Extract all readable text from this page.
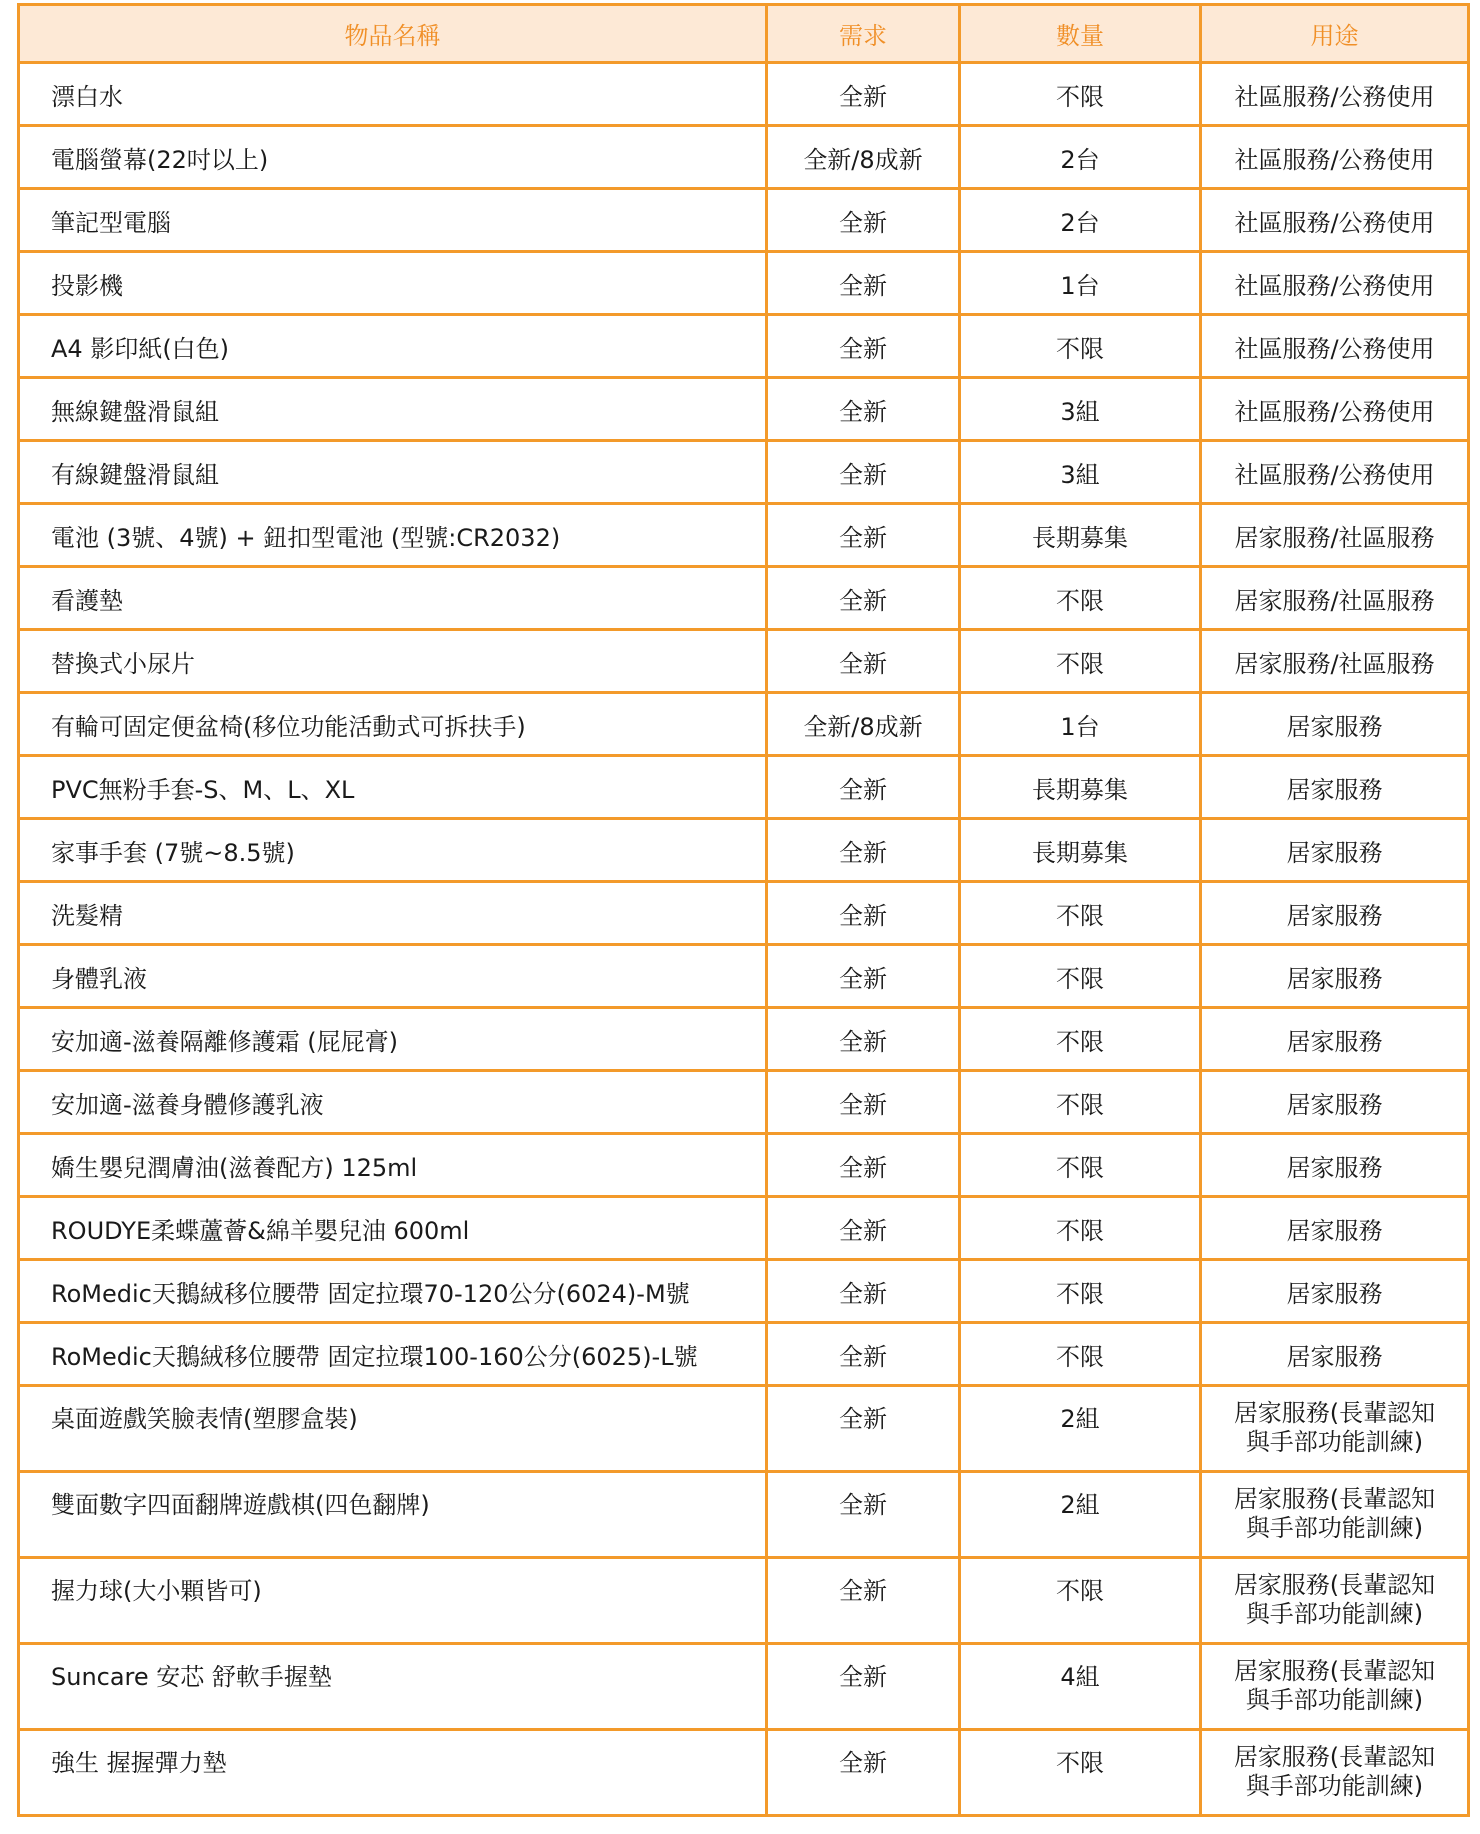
物品名稱	需求	數量	用途
漂白水	全新	不限	社區服務/公務使用

電腦螢幕(22吋以上)	全新/8成新	2台	社區服務/公務使用

筆記型電腦	全新	2台	社區服務/公務使用

投影機	全新	1台	社區服務/公務使用

A4 影印紙(白色)	全新	不限	社區服務/公務使用

無線鍵盤滑鼠組	全新	3組	社區服務/公務使用

有線鍵盤滑鼠組	全新	3組	社區服務/公務使用

電池 (3號、4號) + 鈕扣型電池 (型號:CR2032)	全新	長期募集	居家服務/社區服務

看護墊	全新	不限	居家服務/社區服務

替換式小尿片	全新	不限	居家服務/社區服務

有輪可固定便盆椅(移位功能活動式可拆扶手)	全新/8成新	1台	居家服務

PVC無粉手套-S、M、L、XL	全新	長期募集	居家服務

家事手套 (7號~8.5號)	全新	長期募集	居家服務

洗髮精	全新	不限	居家服務

身體乳液	全新	不限	居家服務

安加適-滋養隔離修護霜 (屁屁膏)	全新	不限	居家服務

安加適-滋養身體修護乳液	全新	不限	居家服務

嬌生嬰兒潤膚油(滋養配方) 125ml	全新	不限	居家服務

ROUDYE柔蝶蘆薈&綿羊嬰兒油 600ml	全新	不限	居家服務

RoMedic天鵝絨移位腰帶 固定拉環70-120公分(6024)-M號	全新	不限	居家服務

RoMedic天鵝絨移位腰帶 固定拉環100-160公分(6025)-L號	全新	不限	居家服務

桌面遊戲笑臉表情(塑膠盒裝)	全新	2組	居家服務(長輩認知
與手部功能訓練)

雙面數字四面翻牌遊戲棋(四色翻牌)	全新	2組	居家服務(長輩認知
與手部功能訓練)

握力球(大小顆皆可)	全新	不限	居家服務(長輩認知
與手部功能訓練)

Suncare 安芯 舒軟手握墊	全新	4組	居家服務(長輩認知
與手部功能訓練)

強生 握握彈力墊	全新	不限	居家服務(長輩認知
與手部功能訓練)
